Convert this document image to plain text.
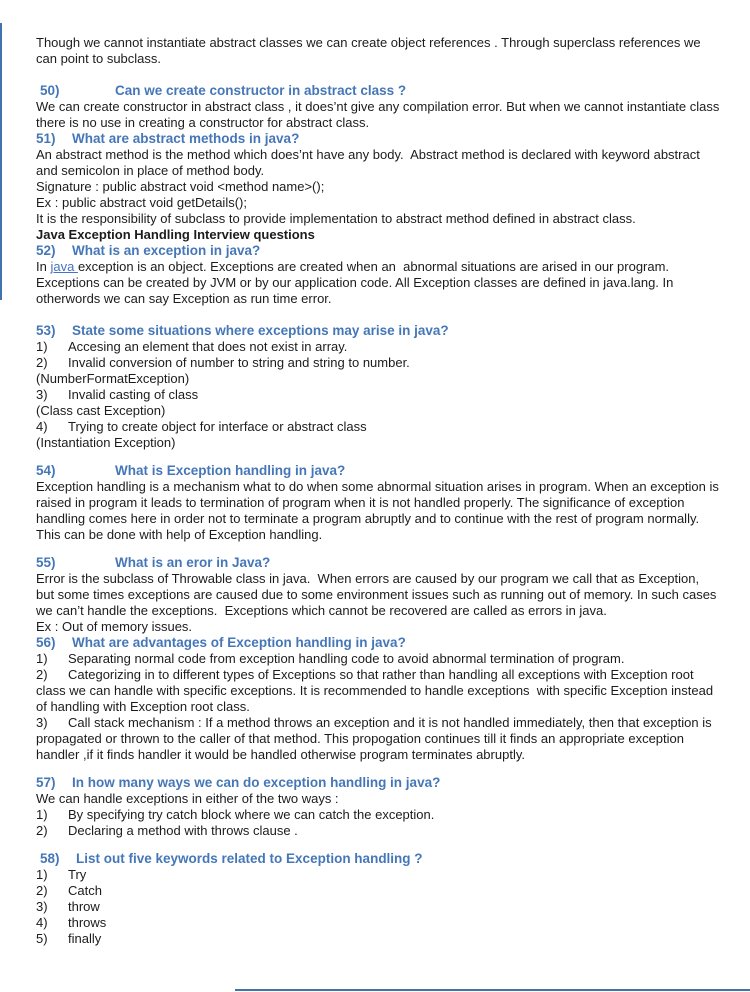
Though we cannot instantiate abstract classes we can create object references . Through superclass references we can point to subclass.

50)	Can we create constructor in abstract class ?

We can create constructor in abstract class , it does’nt give any compilation error. But when we cannot instantiate class there is no use in creating a constructor for abstract class.

51) What are abstract methods in java?

An abstract method is the method which does’nt have any body.  Abstract method is declared with keyword abstract and semicolon in place of method body.

Signature : public abstract void <method name>();

Ex : public abstract void getDetails();

It is the responsibility of subclass to provide implementation to abstract method defined in abstract class.

Java Exception Handling Interview questions

52) What is an exception in java?

In java exception is an object. Exceptions are created when an  abnormal situations are arised in our program. Exceptions can be created by JVM or by our application code. All Exception classes are defined in java.lang. In otherwords we can say Exception as run time error.

53) State some situations where exceptions may arise in java?

1) Accesing an element that does not exist in array.

2) Invalid conversion of number to string and string to number.

(NumberFormatException)

3) Invalid casting of class

(Class cast Exception)

4) Trying to create object for interface or abstract class

(Instantiation Exception)

54)	What is Exception handling in java?

Exception handling is a mechanism what to do when some abnormal situation arises in program. When an exception is raised in program it leads to termination of program when it is not handled properly. The significance of exception handling comes here in order not to terminate a program abruptly and to continue with the rest of program normally. This can be done with help of Exception handling.

55)	What is an eror in Java?

Error is the subclass of Throwable class in java.  When errors are caused by our program we call that as Exception, but some times exceptions are caused due to some environment issues such as running out of memory. In such cases we can’t handle the exceptions.  Exceptions which cannot be recovered are called as errors in java.

Ex : Out of memory issues.

56) What are advantages of Exception handling in java?

1) Separating normal code from exception handling code to avoid abnormal termination of program.

2) Categorizing in to different types of Exceptions so that rather than handling all exceptions with Exception root class we can handle with specific exceptions. It is recommended to handle exceptions  with specific Exception instead of handling with Exception root class.

3) Call stack mechanism : If a method throws an exception and it is not handled immediately, then that exception is propagated or thrown to the caller of that method. This propogation continues till it finds an appropriate exception handler ,if it finds handler it would be handled otherwise program terminates abruptly.

57) In how many ways we can do exception handling in java?

We can handle exceptions in either of the two ways :

1) By specifying try catch block where we can catch the exception.

2) Declaring a method with throws clause .

58) List out five keywords related to Exception handling ?

1) Try

2) Catch

3) throw

4) throws

5) finally
